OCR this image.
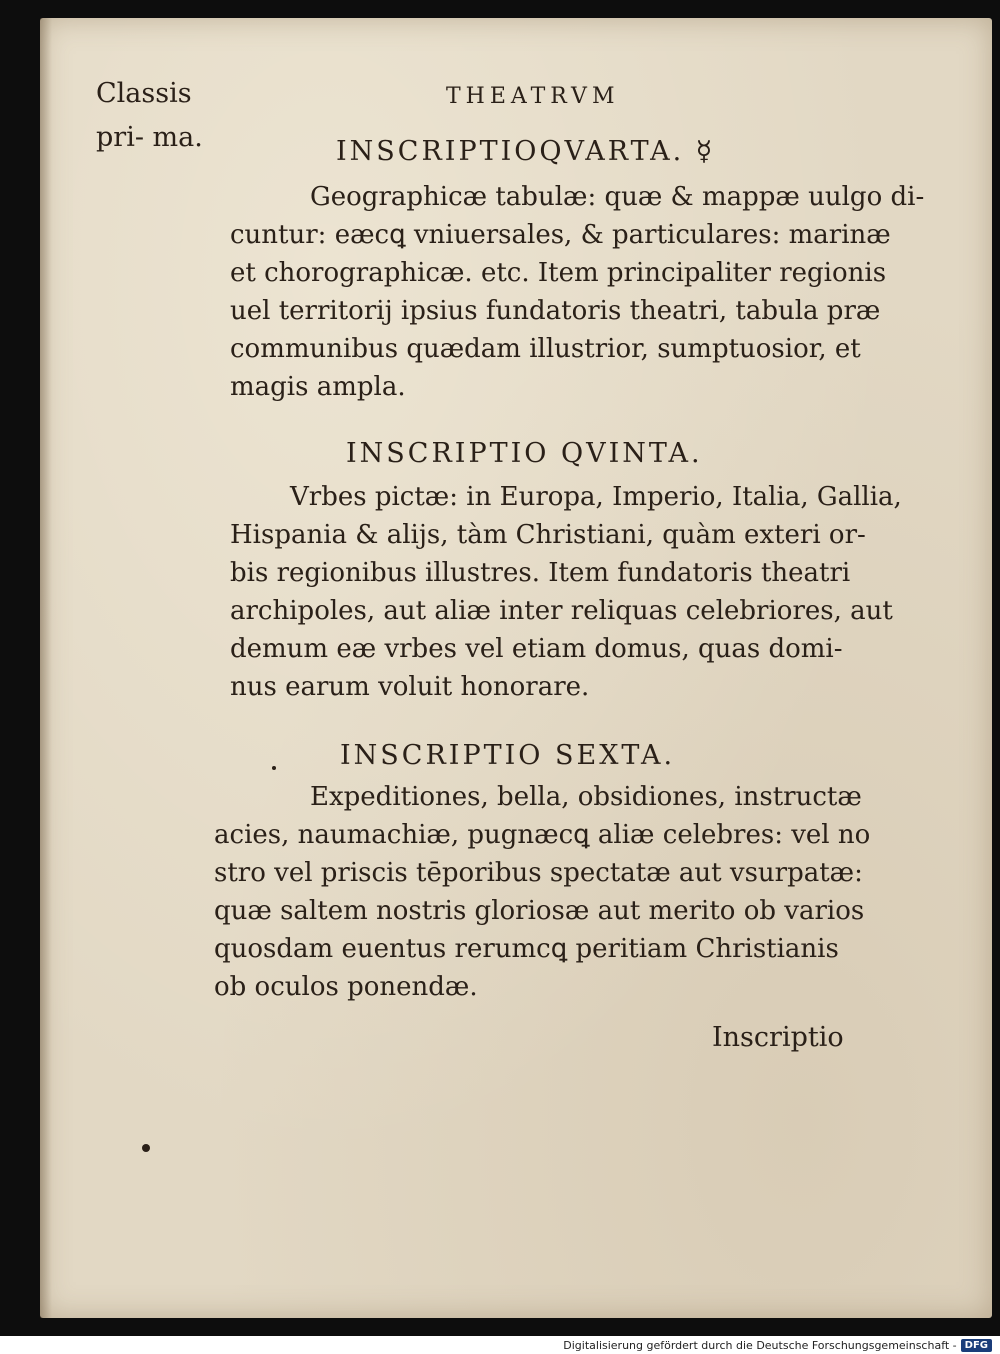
Classis pri- ma.
THEATRVM
INSCRIPTIOQVARTA. ☿
Geographicæ tabulæ: quæ & mappæ uulgo di-
cuntur: eæcꝗ vniuersales, & particulares: marinæ
et chorographicæ. etc. Item principaliter regionis
uel territorij ipsius fundatoris theatri, tabula præ
communibus quædam illustrior, sumptuosior, et
magis ampla.
INSCRIPTIO QVINTA.
Vrbes pictæ: in Europa, Imperio, Italia, Gallia,
Hispania & alijs, tàm Christiani, quàm exteri or-
bis regionibus illustres. Item fundatoris theatri
archipoles, aut aliæ inter reliquas celebriores, aut
demum eæ vrbes vel etiam domus, quas domi-
nus earum voluit honorare.
INSCRIPTIO SEXTA.
Expeditiones, bella, obsidiones, instructæ
acies, naumachiæ, pugnæcꝗ aliæ celebres: vel no
stro vel priscis tēporibus spectatæ aut vsurpatæ:
quæ saltem nostris gloriosæ aut merito ob varios
quosdam euentus rerumcꝗ peritiam Christianis
ob oculos ponendæ.
Inscriptio
Digitalisierung gefördert durch die Deutsche Forschungsgemeinschaft - DFG
